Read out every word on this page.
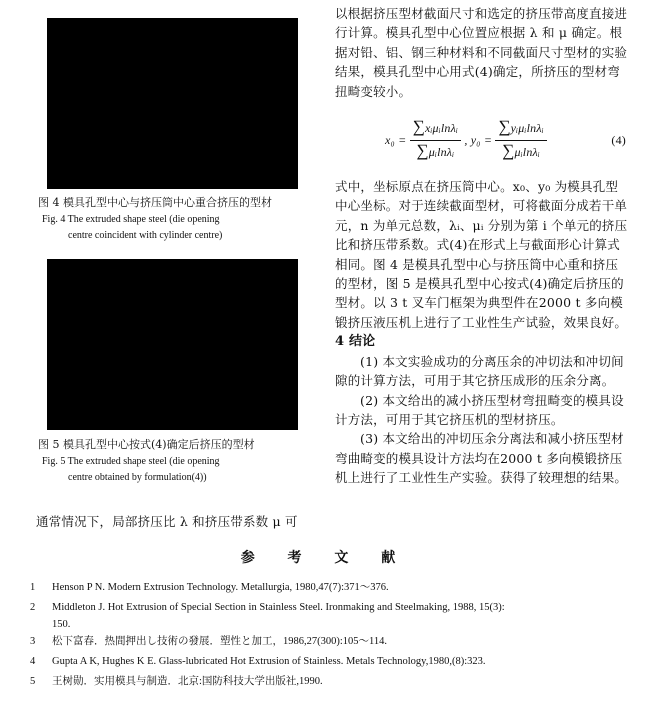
图 4 模具孔型中心与挤压筒中心重合挤压的型材
Fig. 4 The extruded shape steel (die opening
centre coincident with cylinder centre)
图 5 模具孔型中心按式(4)确定后挤压的型材
Fig. 5 The extruded shape steel (die opening
centre obtained by formulation(4))
通常情况下，局部挤压比 λ 和挤压带系数 μ 可

以根据挤压型材截面尺寸和选定的挤压带高度直接进行计算。模具孔型中心位置应根据 λ 和 μ 确定。根据对铅、铝、钢三种材料和不同截面尺寸型材的实验结果，模具孔型中心用式(4)确定，所挤压的型材弯扭畸变较小。

$x_0 = \frac{\text{∑xᵢμᵢlnλᵢ}}{\text{∑μᵢlnλᵢ}}$ , $y_0 = \frac{\text{∑yᵢμᵢlnλᵢ}}{\text{∑μᵢlnλᵢ}}$	(4)

式中，坐标原点在挤压筒中心。x₀、y₀ 为模具孔型中心坐标。对于连续截面型材，可将截面分成若干单元，n 为单元总数，λᵢ、μᵢ 分别为第 i 个单元的挤压比和挤压带系数。式(4)在形式上与截面形心计算式相同。图 4 是模具孔型中心与挤压筒中心重和挤压的型材，图 5 是模具孔型中心按式(4)确定后挤压的型材。以 3 t 叉车门框架为典型件在2000 t 多向模锻挤压液压机上进行了工业性生产试验，效果良好。

4 结论

(1) 本文实验成功的分离压余的冲切法和冲切间隙的计算方法，可用于其它挤压成形的压余分离。

(2) 本文给出的减小挤压型材弯扭畸变的模具设计方法，可用于其它挤压机的型材挤压。

(3) 本文给出的冲切压余分离法和减小挤压型材弯曲畸变的模具设计方法均在2000 t 多向模锻挤压机上进行了工业性生产实验。获得了较理想的结果。

参 考 文 献
1 Henson P N. Modern Extrusion Technology. Metallurgia, 1980,47(7):371～376.
2 Middleton J. Hot Extrusion of Special Section in Stainless Steel. Ironmaking and Steelmaking, 1988, 15(3):
150.
3 松下富春．热間押出し技術の發展．塑性と加工，1986,27(300):105～114.
4 Gupta A K, Hughes K E. Glass-lubricated Hot Extrusion of Stainless. Metals Technology,1980,(8):323.
5 王树勋．实用模具与制造．北京:国防科技大学出版社,1990.
